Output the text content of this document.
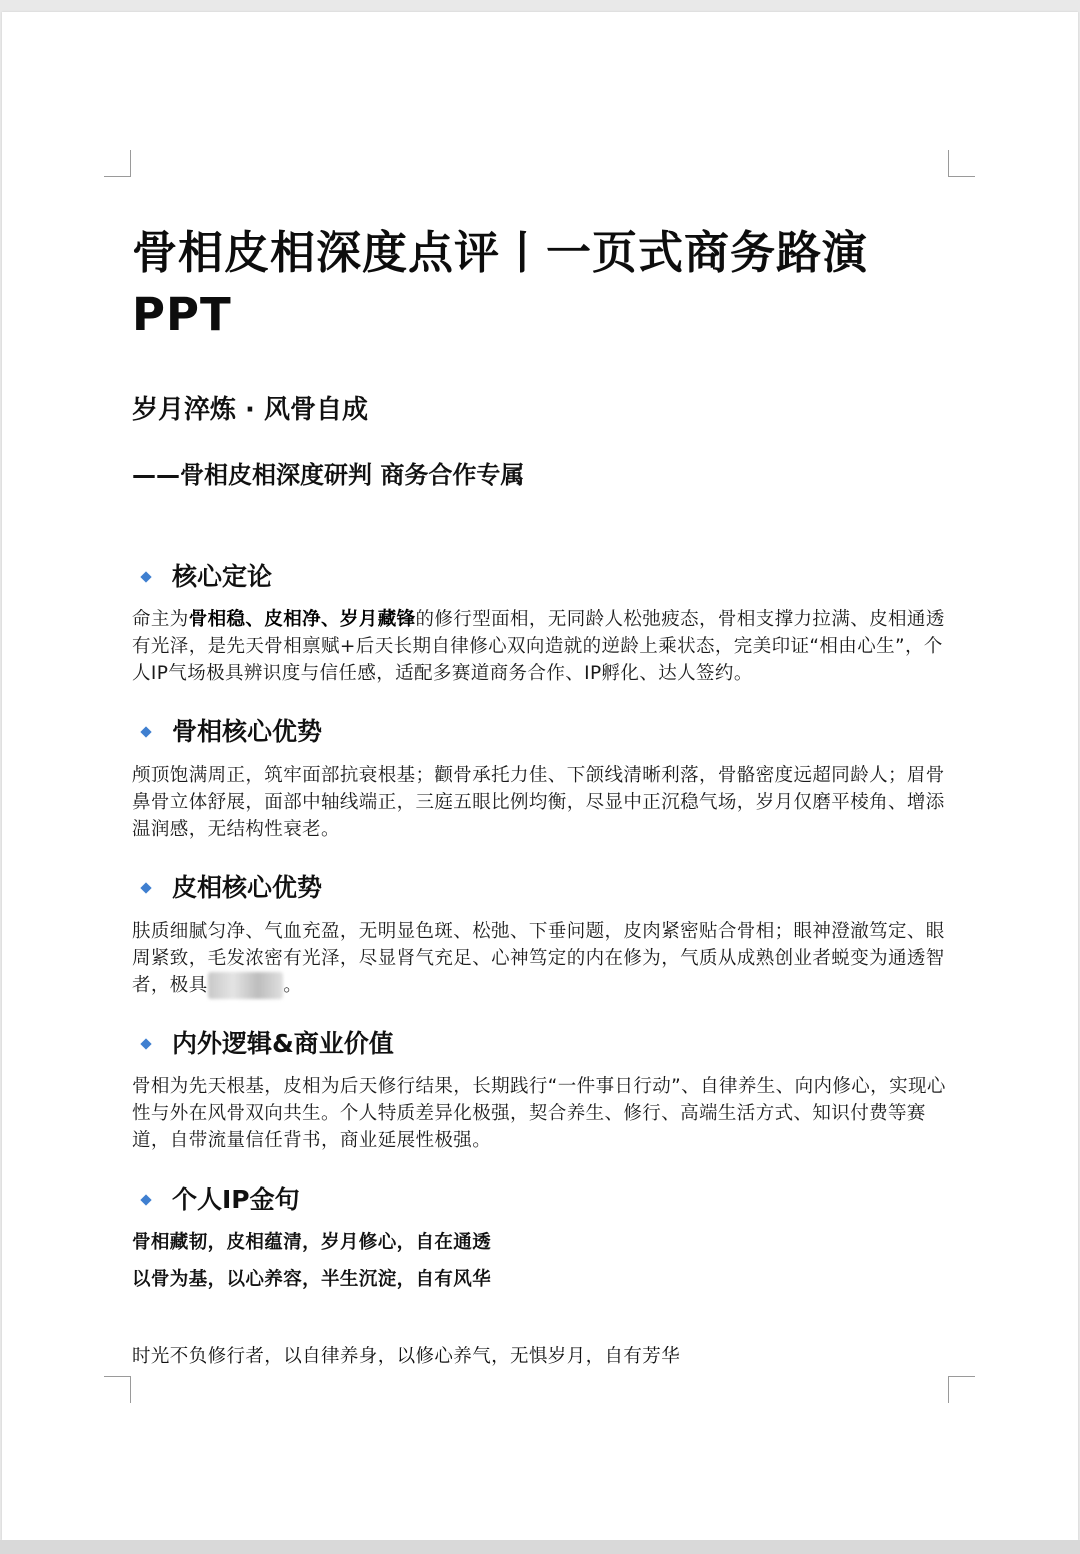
骨相皮相深度点评丨一页式商务路演PPT
岁月淬炼 · 风骨自成
——骨相皮相深度研判 商务合作专属
核心定论

命主为骨相稳、皮相净、岁月藏锋的修行型面相，无同龄人松弛疲态，骨相支撑力拉满、皮相通透有光泽，是先天骨相禀赋+后天长期自律修心双向造就的逆龄上乘状态，完美印证“相由心生”，个人IP气场极具辨识度与信任感，适配多赛道商务合作、IP孵化、达人签约。

骨相核心优势

颅顶饱满周正，筑牢面部抗衰根基；颧骨承托力佳、下颌线清晰利落，骨骼密度远超同龄人；眉骨鼻骨立体舒展，面部中轴线端正，三庭五眼比例均衡，尽显中正沉稳气场，岁月仅磨平棱角、增添温润感，无结构性衰老。

皮相核心优势

肤质细腻匀净、气血充盈，无明显色斑、松弛、下垂问题，皮肉紧密贴合骨相；眼神澄澈笃定、眼周紧致，毛发浓密有光泽，尽显肾气充足、心神笃定的内在修为，气质从成熟创业者蜕变为通透智者，极具	。

内外逻辑&商业价值

骨相为先天根基，皮相为后天修行结果，长期践行“一件事日行动”、自律养生、向内修心，实现心性与外在风骨双向共生。个人特质差异化极强，契合养生、修行、高端生活方式、知识付费等赛道，自带流量信任背书，商业延展性极强。

个人IP金句
骨相藏韧，皮相蕴清，岁月修心，自在通透
以骨为基，以心养容，半生沉淀，自有风华
时光不负修行者，以自律养身，以修心养气，无惧岁月，自有芳华
